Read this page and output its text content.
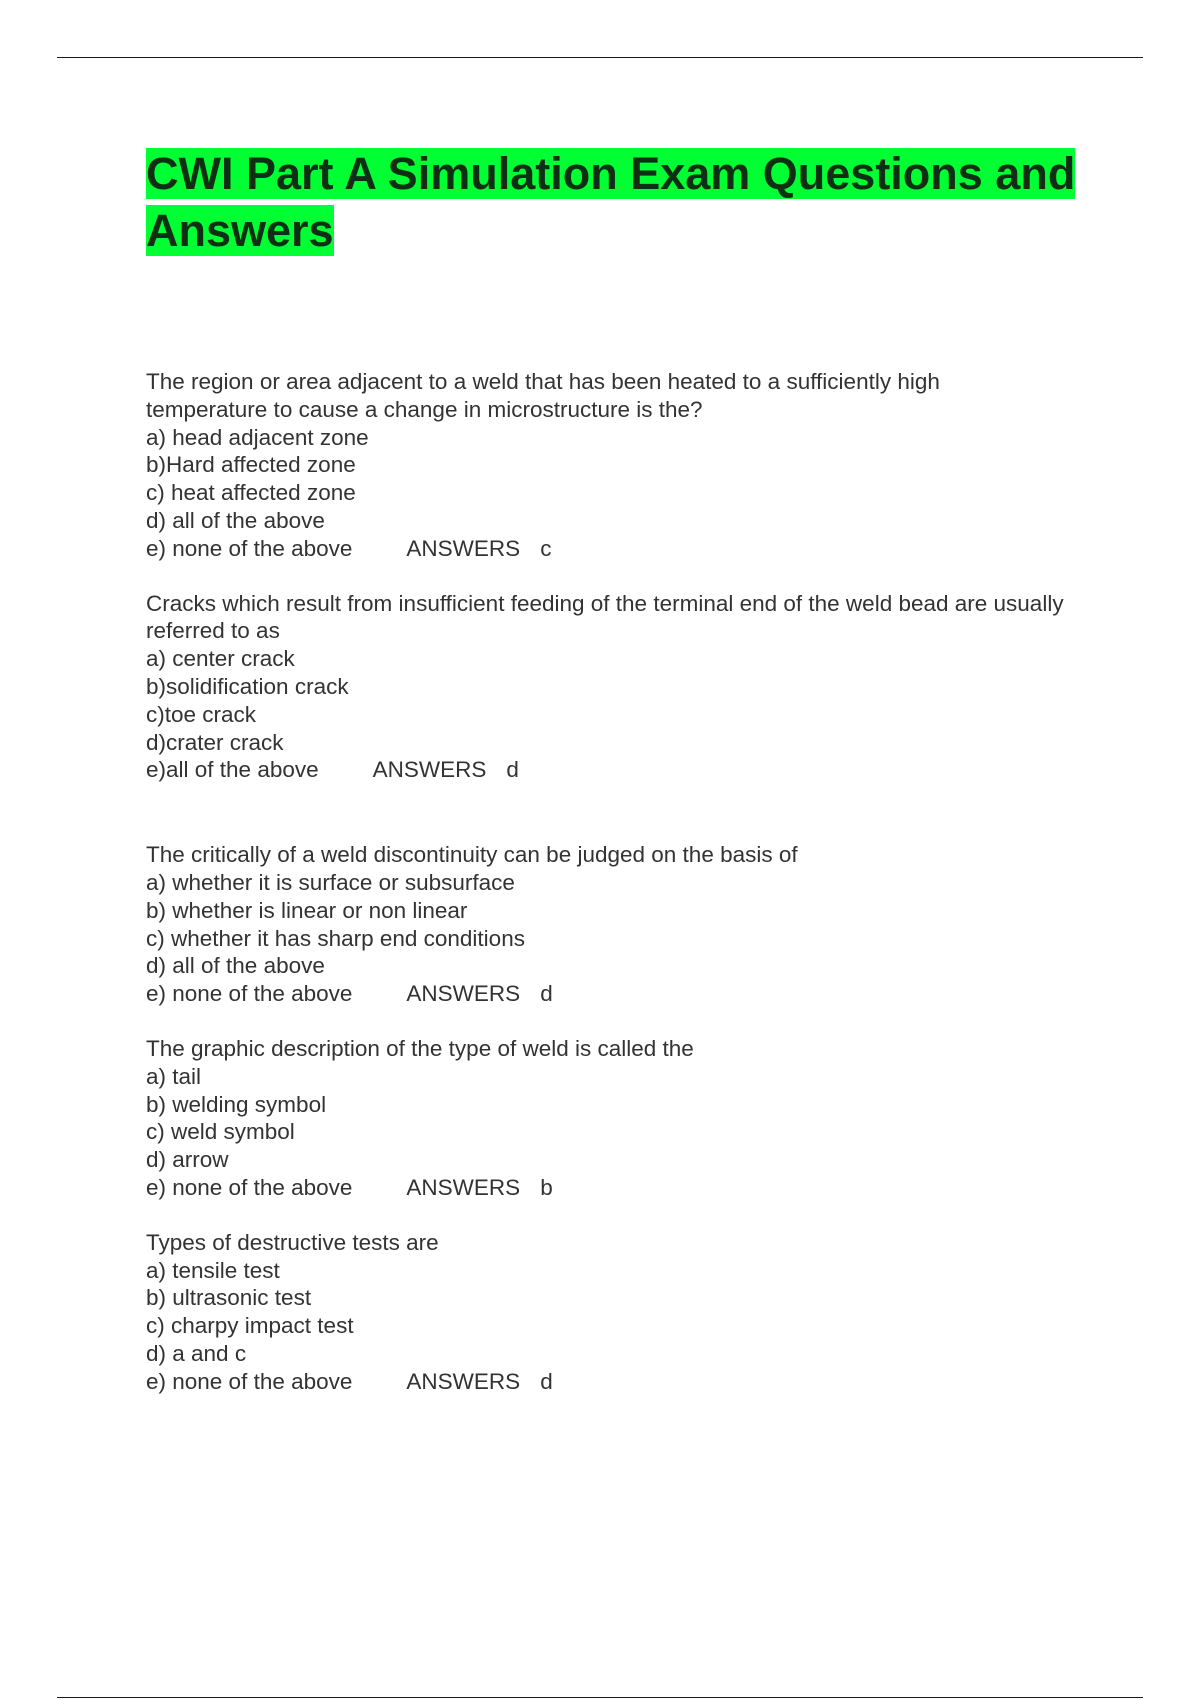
CWI Part A Simulation Exam Questions and Answers
The region or area adjacent to a weld that has been heated to a sufficiently high temperature to cause a change in microstructure is the?
a) head adjacent zone
b)Hard affected zone
c) heat affected zone
d) all of the above
e) none of the above ANSWERS c
Cracks which result from insufficient feeding of the terminal end of the weld bead are usually referred to as
a) center crack
b)solidification crack
c)toe crack
d)crater crack
e)all of the above ANSWERS d
The critically of a weld discontinuity can be judged on the basis of
a) whether it is surface or subsurface
b) whether is linear or non linear
c) whether it has sharp end conditions
d) all of the above
e) none of the above ANSWERS d
The graphic description of the type of weld is called the
a) tail
b) welding symbol
c) weld symbol
d) arrow
e) none of the above ANSWERS b
Types of destructive tests are
a) tensile test
b) ultrasonic test
c) charpy impact test
d) a and c
e) none of the above ANSWERS d
